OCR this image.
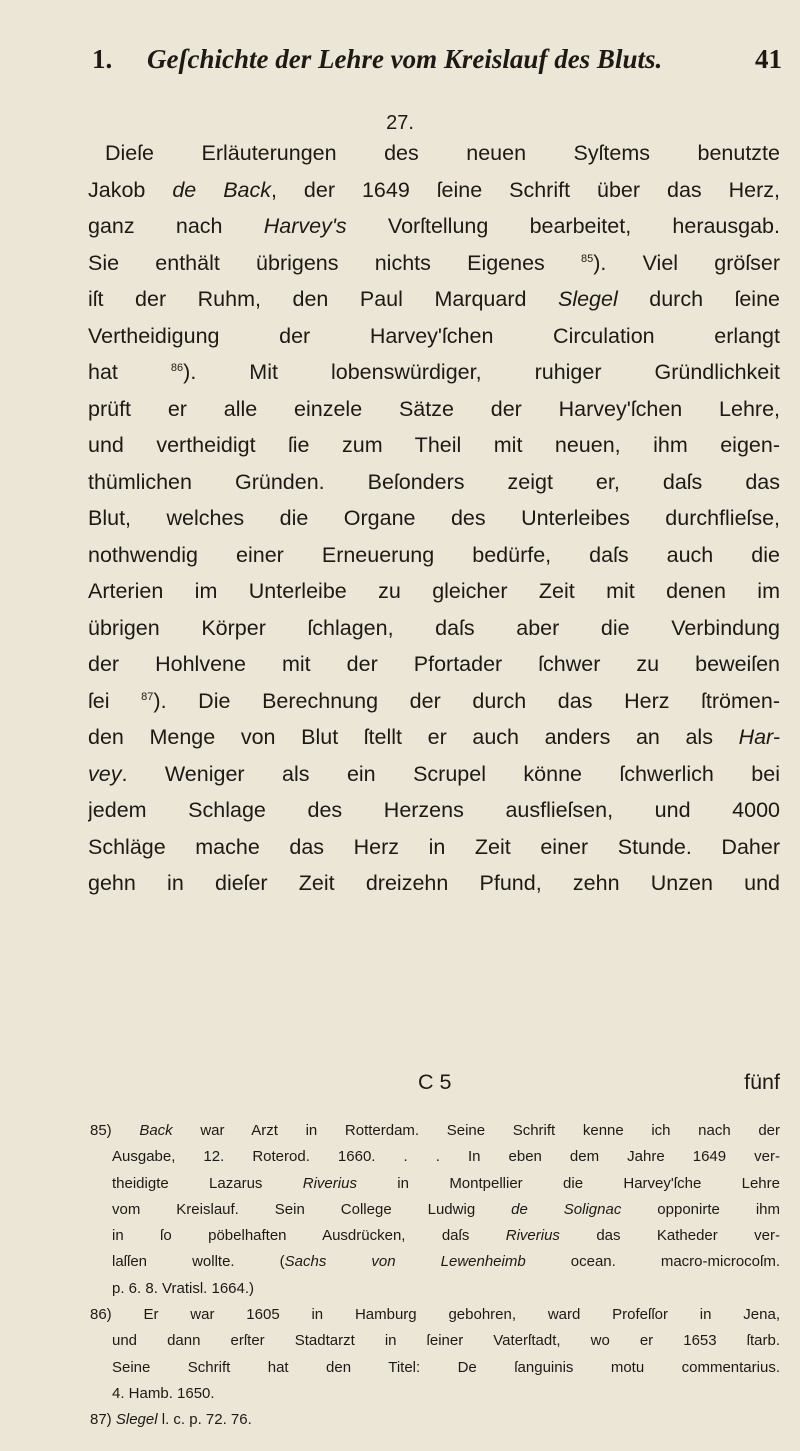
1. Geſchichte der Lehre vom Kreislauf des Bluts.	41
27.
Dieſe Erläuterungen des neuen Syſtems benutzte
Jakob de Back, der 1649 ſeine Schrift über das Herz,
ganz nach Harvey's Vorſtellung bearbeitet, herausgab.
Sie enthält übrigens nichts Eigenes $^{85}$). Viel gröſser
iſt der Ruhm, den Paul Marquard Slegel durch ſeine
Vertheidigung der Harvey'ſchen Circulation erlangt
hat $^{86}$). Mit lobenswürdiger, ruhiger Gründlichkeit
prüft er alle einzele Sätze der Harvey'ſchen Lehre,
und vertheidigt ſie zum Theil mit neuen, ihm eigen-
thümlichen Gründen. Beſonders zeigt er, daſs das
Blut, welches die Organe des Unterleibes durchflieſse,
nothwendig einer Erneuerung bedürfe, daſs auch die
Arterien im Unterleibe zu gleicher Zeit mit denen im
übrigen Körper ſchlagen, daſs aber die Verbindung
der Hohlvene mit der Pfortader ſchwer zu beweiſen
ſei $^{87}$). Die Berechnung der durch das Herz ſtrömen-
den Menge von Blut ſtellt er auch anders an als Har-
vey. Weniger als ein Scrupel könne ſchwerlich bei
jedem Schlage des Herzens ausflieſsen, und 4000
Schläge mache das Herz in Zeit einer Stunde. Daher
gehn in dieſer Zeit dreizehn Pfund, zehn Unzen und
C 5	fünf
85) Back war Arzt in Rotterdam. Seine Schrift kenne ich nach der
Ausgabe, 12. Roterod. 1660. . . In eben dem Jahre 1649 ver-
theidigte Lazarus Riverius in Montpellier die Harvey'ſche Lehre
vom Kreislauf. Sein College Ludwig de Solignac opponirte ihm
in ſo pöbelhaften Ausdrücken, daſs Riverius das Katheder ver-
laſſen wollte. (Sachs von Lewenheimb ocean. macro-microcoſm.
p. 6. 8. Vratisl. 1664.)
86) Er war 1605 in Hamburg gebohren, ward Profeſſor in Jena,
und dann erſter Stadtarzt in ſeiner Vaterſtadt, wo er 1653 ſtarb.
Seine Schrift hat den Titel: De ſanguinis motu commentarius.
4. Hamb. 1650.
87) Slegel l. c. p. 72. 76.
